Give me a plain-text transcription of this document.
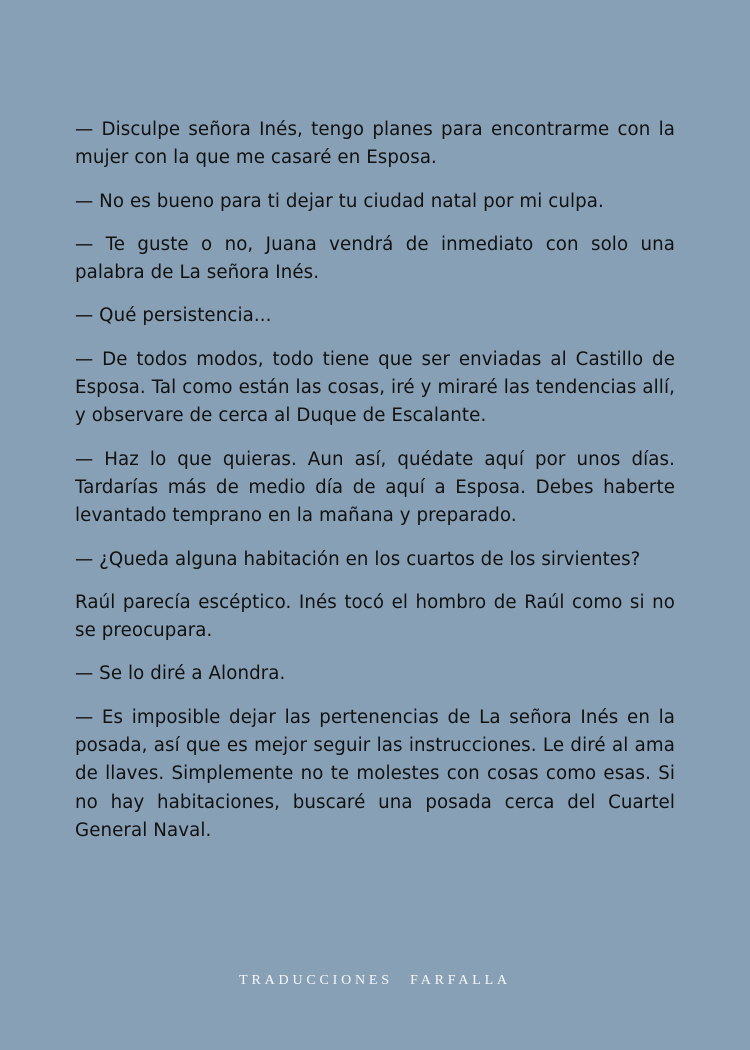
— Disculpe señora Inés, tengo planes para encontrarme con la mujer con la que me casaré en Esposa.

— No es bueno para ti dejar tu ciudad natal por mi culpa.

— Te guste o no, Juana vendrá de inmediato con solo una palabra de La señora Inés.

— Qué persistencia...

— De todos modos, todo tiene que ser enviadas al Castillo de Esposa. Tal como están las cosas, iré y miraré las tendencias allí, y observare de cerca al Duque de Escalante.

— Haz lo que quieras. Aun así, quédate aquí por unos días. Tardarías más de medio día de aquí a Esposa. Debes haberte levantado temprano en la mañana y preparado.

— ¿Queda alguna habitación en los cuartos de los sirvientes?

Raúl parecía escéptico. Inés tocó el hombro de Raúl como si no se preocupara.

— Se lo diré a Alondra.

— Es imposible dejar las pertenencias de La señora Inés en la posada, así que es mejor seguir las instrucciones. Le diré al ama de llaves. Simplemente no te molestes con cosas como esas. Si no hay habitaciones, buscaré una posada cerca del Cuartel General Naval.

TRADUCCIONES FARFALLA
